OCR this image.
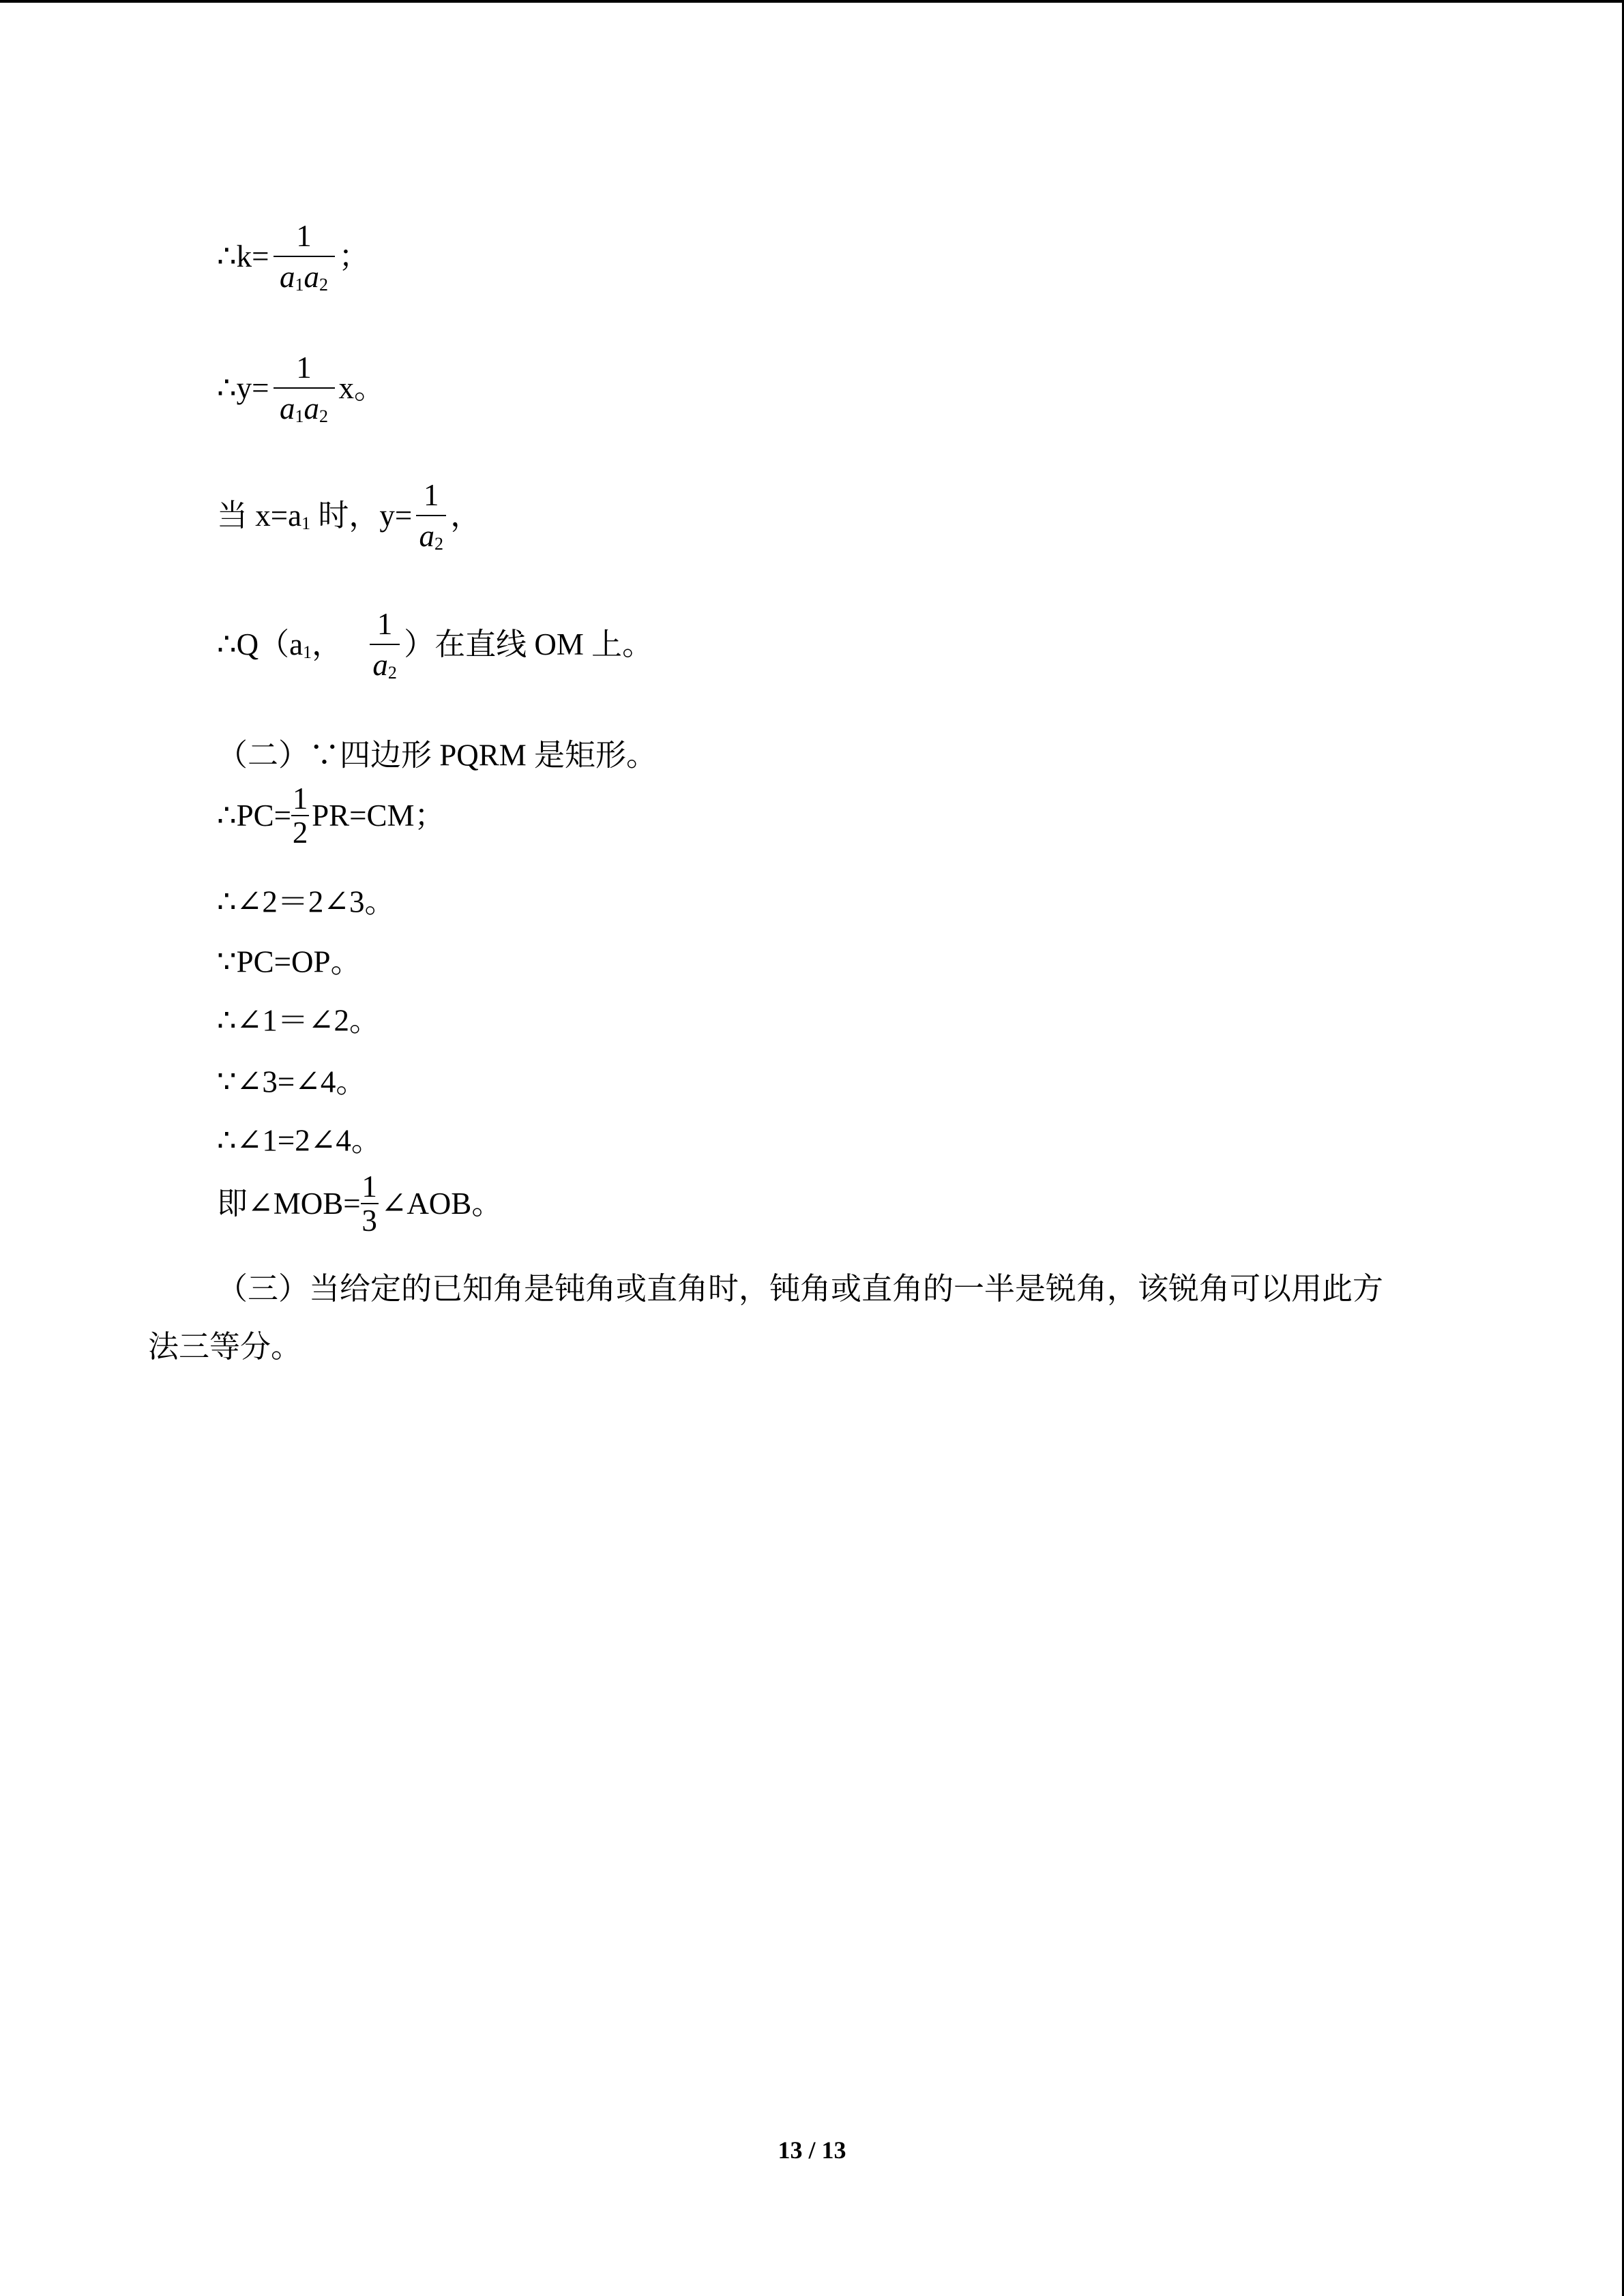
∴k= $\frac{1}{a 1 a 2}$ ；
∴y= $\frac{1}{a 1 a 2}$ x。
当 x=a 1 时，$y= \frac{1}{a 2}$ ，
∴Q（a 1 ， $\frac{1}{a 2}$ ）在直线 OM 上。
（二）∵四边形 PQRM 是矩形。
∴PC= $\frac{1}{2} PR=CM$；
∴∠2＝2∠3。
∵PC=OP。
∴∠1＝∠2。
∵∠3=∠4。
∴∠1=2∠4。
即∠MOB= $\frac{1}{3}$ ∠AOB。
（三）当给定的已知角是钝角或直角时，钝角或直角的一半是锐角，该锐角可以用此方
法三等分。
13 / 13
